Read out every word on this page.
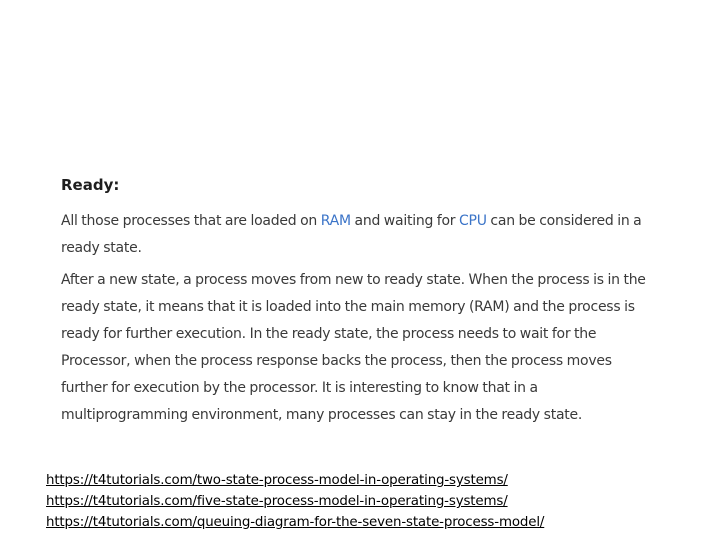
Ready:

All those processes that are loaded on RAM and waiting for CPU can be considered in a ready state.

After a new state, a process moves from new to ready state. When the process is in the ready state, it means that it is loaded into the main memory (RAM) and the process is ready for further execution. In the ready state, the process needs to wait for the Processor, when the process response backs the process, then the process moves further for execution by the processor. It is interesting to know that in a multiprogramming environment, many processes can stay in the ready state.

https://t4tutorials.com/two-state-process-model-in-operating-systems/
https://t4tutorials.com/five-state-process-model-in-operating-systems/
https://t4tutorials.com/queuing-diagram-for-the-seven-state-process-model/
